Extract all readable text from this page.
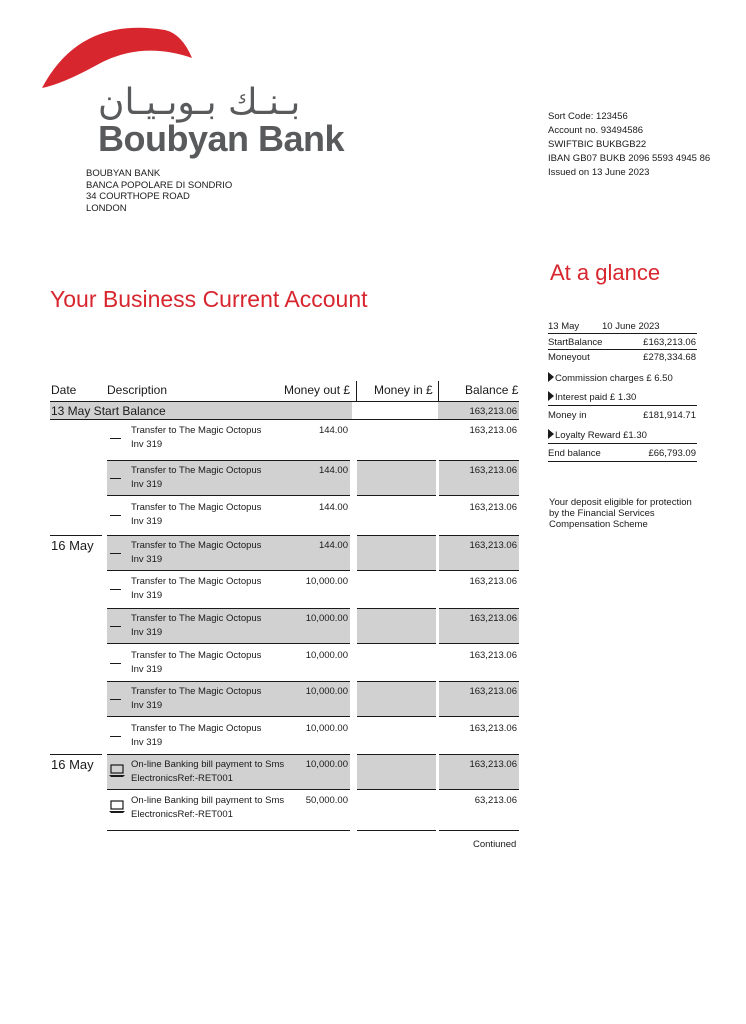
بـنـك بـوبـيـان
Boubyan Bank
BOUBYAN BANK
BANCA POPOLARE DI SONDRIO
34 COURTHOPE ROAD
LONDON
Sort Code: 123456
Account no. 93494586
SWIFTBIC BUKBGB22
IBAN GB07 BUKB 2096 5593 4945 86
Issued on 13 June 2023
Your Business Current Account
At a glance
13 May 10 June 2023
StartBalance	£163,213.06
Moneyout	£278,334.68
Commission charges £ 6.50
Interest paid £ 1.30
Money in	£181,914.71
Loyalty Reward £1.30
End balance	£66,793.09
Your deposit eligible for protection
by the Financial Services
Compensation Scheme
Date	Description	Money out £ Money in £	Balance £
13 May Start Balance	163,213.06
Transfer to The Magic Octopus
Inv 319
144.00	163,213.06
Transfer to The Magic Octopus
Inv 319
144.00	163,213.06
Transfer to The Magic Octopus
Inv 319
144.00	163,213.06
16 May	Transfer to The Magic Octopus
Inv 319
144.00	163,213.06
Transfer to The Magic Octopus
Inv 319
10,000.00	163,213.06
Transfer to The Magic Octopus
Inv 319
10,000.00	163,213.06
Transfer to The Magic Octopus
Inv 319
10,000.00	163,213.06
Transfer to The Magic Octopus
Inv 319
10,000.00	163,213.06
Transfer to The Magic Octopus
Inv 319
10,000.00	163,213.06
16 May	On-line Banking bill payment to Sms
ElectronicsRef:-RET001
10,000.00	163,213.06
On-line Banking bill payment to Sms
ElectronicsRef:-RET001
50,000.00	63,213.06
Contiuned
